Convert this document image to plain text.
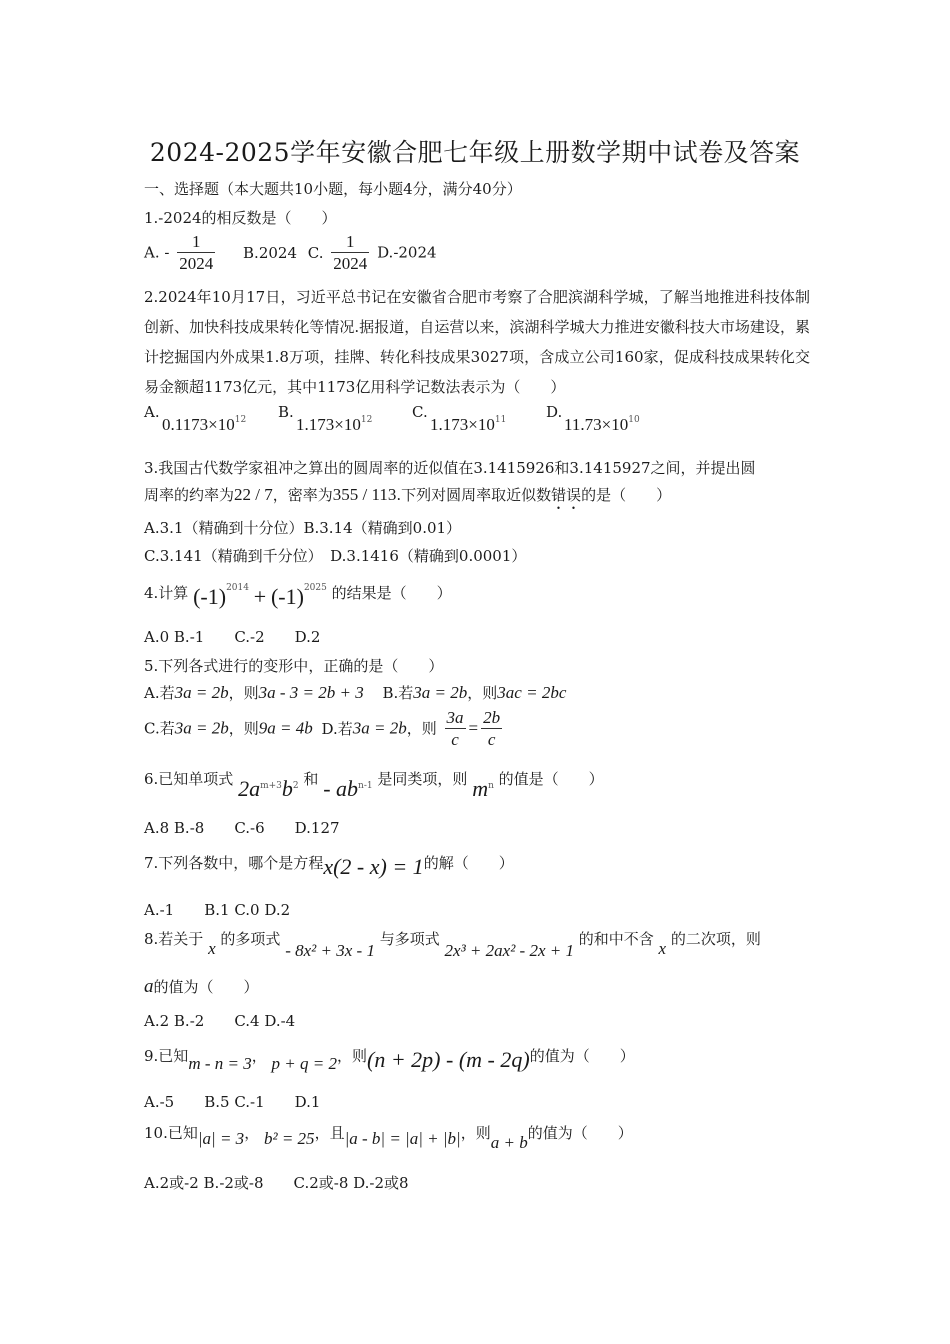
2024-2025学年安徽合肥七年级上册数学期中试卷及答案
一、选择题（本大题共10小题，每小题4分，满分40分）
1.-2024的相反数是（　　）
A. - $\frac{1}{2024} B.2024$ C. $\frac{1}{2024} D.-2024$
2.2024年10月17日，习近平总书记在安徽省合肥市考察了合肥滨湖科学城，了解当地推进科技体制创新、加快科技成果转化等情况.据报道，自运营以来，滨湖科学城大力推进安徽科技大市场建设，累计挖掘国内外成果1.8万项，挂牌、转化科技成果3027项，含成立公司160家，促成科技成果转化交易金额超1173亿元，其中1173亿用科学记数法表示为（　　）
A.
$0.1173\times 10^{12}$ B.
$1.173\times 10^{12}$	C.
$1.173\times 10^{11}$	D.
$11.73\times 10^{10}$
3.我国古代数学家祖冲之算出的圆周率的近似值在3.1415926和3.1415927之间，并提出圆
周率的约率为22 / 7，密率为355 / 113.下列对圆周率取近似数错误的是（　　）
A.3.1（精确到十分位）B.3.14（精确到0.01）
C.3.141（精确到千分位）　D.3.1416（精确到0.0001）
4.计算 $(-1)^{2014} + (-1)^{2025}$ 的结果是（　　）
A.0 B.-1　　C.-2　　D.2
5.下列各式进行的变形中，正确的是（　　）
A.若3a = 2b，则3a - 3 = 2b + 3 B.若3a = 2b，则3ac = 2bc
C.若3a = 2b，则9a = 4b D.若3a = 2b，则 $\frac{3a}{c} = \frac{2b}{c}$
6.已知单项式 $2a^{m+3}b^2$ 和 - $ab^{n-1}$ 是同类项，则 $m^n$ 的值是（　　）
A.8 B.-8　　C.-6　　D.127
7.下列各数中，哪个是方程x(2 - x) = 1的解（　　）
A.-1　　B.1 C.0 D.2
8.若关于 x 的多项式 - 8x² + 3x - 1 与多项式 2x³ + 2ax² - 2x + 1 的和中不含 x 的二次项，则
a的值为（　　）
A.2 B.-2　　C.4 D.-4
9.已知m - n = 3， p + q = 2，则(n + 2p) - (m - 2q)的值为（　　）
A.-5　　B.5 C.-1　　D.1
10.已知|a| = 3， b² = 25，且|a - b| = |a| + |b|，则a + b的值为（　　）
A.2或-2 B.-2或-8　　C.2或-8 D.-2或8
